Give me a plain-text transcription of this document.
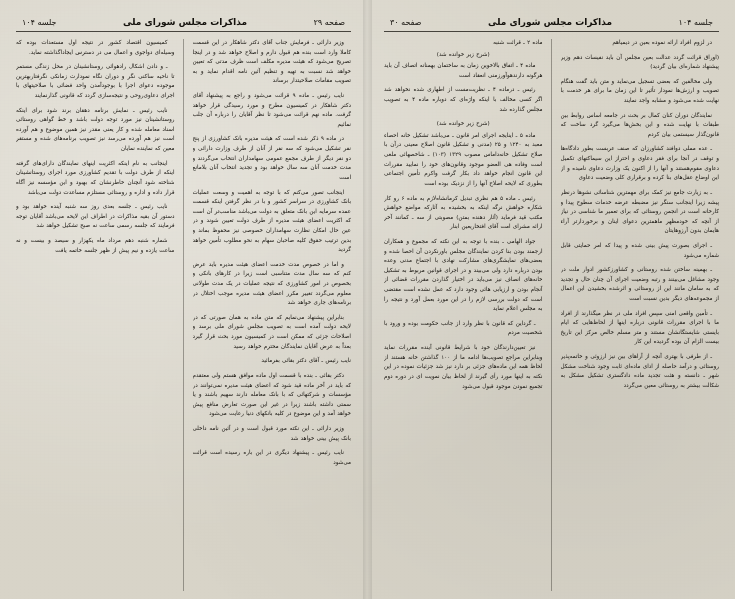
جلسه ۱۰۴
مذاکرات مجلس شورای ملی
صفحه ۳۰

در لزوم افراد ارائه نموده بعین در دیمیاهم

(اوراق قرائت گردد عدالت بعین مجلس آن باید نفیسات دهم وزیر پیشنهاد شماره‌ای بیان گردید)

ولی مخالفین که بعضی تسجیل می‌نماید و متن باید گفت هنگام تصویب و ارزش‌ها نمودار تأثیر تا این زمان ما برای هر خدمت با نهایت شده می‌شود و مشابه واجد نمایند

نمایندگان دوران کنان کمال بر بحث در جامعه اساس روابط بین طبقات با نهایت شده و این بخش‌ها می‌گیرد گرد ساخت که قانون‌گذار سیستمی بیان کردم

ـ عده مملی دوافند کشاورزان که صنف عربست بطور دادگاه‌ها و توقف در آنجا برای فقر دعاوی و احتراز این سیماکتهای تکمیل دعاوی مقوم‌هستند و آنها را از اکنون یک وزارت دعاوی نامیده و از این اوضاع عقل‌های بنا کرده و برقراری کلی وضعیت دعاوی

ـ به زیارت جامع نیز کمک برای مهمترین شناسائی نشوها درنظر پیشه زیرا اینجانب سنگر نیز مضبطه عرضه خدمات سطوح پیدا و کارخانه است در انجمن روستائی که برای تعمیر ما شناسی در نیاز از آنچه که خودمظهر ماهمترین دعوای اینان و برخوردارتر آراء هایمان بدون آرزوهایتان

ـ اجرای بصورت پیش بینی شده و پیدا که امر حمایتی قابل شماره می‌شود

ـ بهمینه ساختن شده روستانی و کشاورزکشور ادوار ملت در وجود مشاغل می‌بینند و رتبه وضعیت اجرای آن چنان حال و تجدید که به سامان مانند این از روستائی و اثرشده بخشیدن این اعمال از مجموعه‌های دیگر بدین نسبت است

ـ تأمین واقعی امنی سپس افراد ملی در نظر میگذارند از افراد ما با اجرای مقررات قانونی درباره اینها از لحاظ‌هایی که ایام بایستی شایستگانشان مستند و متر مسلم خالص مرکز این تاریخ بیست الزام آن بوده گردیده این کار

ـ از طرفی با بهتری آنچه از آراهای بین نیز ارزوئی و خاتمه‌پذیر روستائی و درآمد حاصله از ادای ماده‌ای ثابت وجود شناخت مشکل شهر ـ دانسته و هئت تجدید ماده دادگستری تشکیل مشکل به شکالت بیشتر به روستائی معین می‌گردد

ماده ۲ ـ قرائت شنبه

(شرح زیر خوانده شد)

ماده ۴ ـ اتفاق بالاخوین زمان به ساختمان بهمنانه اتصاف آن باید هرگونه دارندهوآورزمنی انعقاد است

رئیس ـ درماده ۴ ـ نظریت‌مست از اطهاری شده نخواهد شد اگر کسی مخالف با اینکه واژه‌ای که دوباره ماده ۴ به تصویب مجلس گذارده شد

(شرح زیر خوانده شد)

ماده ۵ ـ اینایجه اجرای امر قانون ـ می‌باشد تشکیل خانه احصاء معبد به ۱۲۴۰ و ۲۵ (مدنی و تشکیل قانون اصلاح معینی درآن با صلاح تشکیل خانه‌داماس مصوب ۱۳۲۹ (۱۰۳) ـ شاخصهائی ملغی است وفاده هی العضو موجود وقانون‌های خود را نمایید مقررات این قانون انجام خواهد داد بکار گرفت واکرم تأمین اجتماعی بطوری که لایحه اصلاح آنها را از نزدیک بوده است

رئیس ـ ماده ۵ هم نظری تبدیل کرمانشاه‌لازم به ماده ۶ رو کار شکاره خواهش نرگه اینکه به بخشیده به آثارکه مواضع خواهش مکتب قید فرماید (آثار دهنده بمتن) مصوبتی از سه ـ کمانند آخر ارائه مشرای امت آقای افتخاریعین ابنار

جواد الهامی ـ بنده با توجه به این نکته که مجموع و همکاران ارجمند بودن بنا کردن نمایندگان مجلس باورنکردن آن احصا شده و بعضی‌های نمایشگری‌های مشارکت نهادی با اجتماع مدنی وعده بودن درباره دارد ولی می‌بیند و در اجرای قوانین مربوط به تشکیل خانه‌های انصاف نیز می‌باید در اختیار گذاردن مقررات قضائی از آنجام بودن و ارزیابی هائی وجود دارد که عمل نشده است مقتضی است که دولت بررسی لازم را در این مورد بعمل آورد و نتیجه را به مجلس اعلام نماید

ـ گرداین که قانون با نظر وارد از جانب حکومت بوده و ورود با شخصیت مردم

نیز تعیین‌دارندگان خود با شرایط قانونی آینده مقررات نماید وبنابراین مراجع تصویب‌ها ادامه ما از ۱۰۰ گذاشتن خانه هستند از لحاظ همه این ماده‌های جزئی بر دارد نیز شد جزئیات نموده در این نکته به اینها مورد رأی گیرند از لحاظ بیان نمویت ای در دوره دوم تجمیع نمودن موجود قبول می‌شود

صفحه ۲۹
مذاکرات مجلس شورای ملی
جلسه ۱۰۴

وزیر دارائی ـ فرمایش جناب آقای دکتر شاهکار در این قسمت کاملا وارد است بنده هم قبول دارم و اصلاح خواهد شد و در اینجا تصریح می‌شود که هیئت مدیره مکلف است ظرف مدتی که تعیین خواهد شد نسبت به تهیه و تنظیم آئین نامه اقدام نماید و به تصویب مقامات صلاحیتدار برساند

نایب رئیس ـ ماده ۹ قرائت می‌شود و راجع به پیشنهاد آقای دکتر شاهکار در کمیسیون مطرح و مورد رسیدگی قرار خواهد گرفت. ماده نهم قرائت می‌شود تا نظر آقایان را درباره آن جلب نمائیم

در ماده ۹ ذکر شده است که هیئت مدیره بانک کشاورزی از پنج نفر تشکیل می‌شود که سه نفر از آنان از طرف وزارت دارائی و دو نفر دیگر از طرف مجمع عمومی سهامداران انتخاب می‌گردند و مدت خدمت آنان سه سال خواهد بود و تجدید انتخاب آنان بلامانع است

اینجانب تصور می‌کنم که با توجه به اهمیت و وسعت عملیات بانک کشاورزی در سراسر کشور و با در نظر گرفتن اینکه قسمت عمده سرمایه این بانک متعلق به دولت می‌باشد مناسب‌تر آن است که اکثریت اعضای هیئت مدیره از طرف دولت تعیین شوند و در عین حال امکان نظارت سهامداران خصوصی نیز محفوظ بماند و بدین ترتیب حقوق کلیه صاحبان سهام به نحو مطلوب تأمین خواهد گردید

و اما در خصوص مدت خدمت اعضای هیئت مدیره باید عرض کنم که سه سال مدت متناسبی است زیرا در کارهای بانکی و بخصوص در امور کشاورزی که نتیجه عملیات در یک مدت طولانی معلوم می‌گردد تغییر مکرر اعضای هیئت مدیره موجب اختلال در برنامه‌های جاری خواهد شد

بنابراین پیشنهاد می‌نمایم که متن ماده به همان صورتی که در لایحه دولت آمده است به تصویب مجلس شورای ملی برسد و اصلاحات جزئی که ممکن است در کمیسیون مورد بحث قرار گیرد بعداً به عرض آقایان نمایندگان محترم خواهد رسید

نایب رئیس ـ آقای دکتر بقائی بفرمائید

دکتر بقائی ـ بنده با قسمت اول ماده موافق هستم ولی معتقدم که باید در آخر ماده قید شود که اعضای هیئت مدیره نمی‌توانند در مؤسسات و شرکتهائی که با بانک معامله دارند سهیم باشند و یا سمتی داشته باشند زیرا در غیر این صورت تعارض منافع پیش خواهد آمد و این موضوع در کلیه بانکهای دنیا رعایت می‌شود

وزیر دارائی ـ این نکته مورد قبول است و در آئین نامه داخلی بانک پیش بینی خواهد شد

نایب رئیس ـ پیشنهاد دیگری در این باره رسیده است قرائت می‌شود

کمیسیون اقتصاد کشور در نتیجه اول مستعدات بوده که وسیله‌ای دواجوی و اعمال می در دسترس ایجاداگذاشته نماید.

ـ و دادن اشکال رادهوائی روستانشینان در محل زندگی مستمر تا ناحیه ساکنی نگر و دوران نگاه نمودارت زمانکی نگرفتاربهترین موجوده دعوای اجرا با بوجودآمدن واحد فضائی با صلاحیتهای با اجرای دعاوی‌روحی و نتیجه‌سازی گردد که قانونی گذارنمایند

نایب رئیس ـ نمایش برنامه دهقان برند شود برای اینکه روستانشینان نیز مورد توجه دولت باشد و خط گواهی روستائی اسناد معامله شده و کار یعنی مقدر نیز همین موضوع و هم آورده است نیز هم آورده می‌رسد نیز تصویب برنامه‌های شده و مستقر معین که نماینده نمایان

اینجانب به نام اینکه اکثریت اینهای نمایندگان دارای‌های گرفته اینکه از طرف دولت با تقدیم کشاورزی مورد اجرای روستانشینان شناخته شود آنچنان خاطرنشان که بهبود و این مؤسسه نیز آگاه قرار داده و اداره و روستائی مستلزم مساعدت دولت می‌باشد

نایب رئیس ـ جلسه بعدی روز سه شنبه آینده خواهد بود و دستور آن بقیه مذاکرات در اطراف این لایحه می‌باشد آقایان توجه فرمایند که جلسه رسمی ساعت نه صبح تشکیل خواهد شد

شماره شنبه دهم مرداد ماه یکهزار و سیصد و بیست و نه ساعت یازده و نیم پیش از ظهر جلسه خاتمه یافت
